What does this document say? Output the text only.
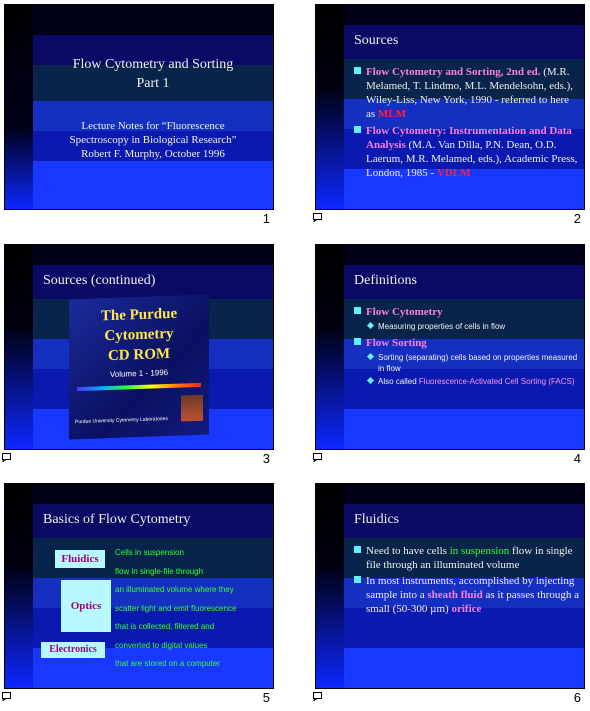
Flow Cytometry and Sorting
Part 1
Lecture Notes for “Fluorescence
Spectroscopy in Biological Research”
Robert F. Murphy, October 1996
1
Sources
Flow Cytometry and Sorting, 2nd ed. (M.R. Melamed, T. Lindmo, M.L. Mendelsohn, eds.), Wiley-Liss, New York, 1990 - referred to here as MLM
Flow Cytometry: Instrumentation and Data Analysis (M.A. Van Dilla, P.N. Dean, O.D. Laerum, M.R. Melamed, eds.), Academic Press, London, 1985 - VDLM
2
Sources (continued)
The Purdue
Cytometry
CD ROM
Volume 1 - 1996
Purdue University Cytometry Laboratories
3
Definitions
Flow Cytometry
Measuring properties of cells in flow
Flow Sorting
Sorting (separating) cells based on properties measured in flow
Also called Fluorescence-Activated Cell Sorting (FACS)
4
Basics of Flow Cytometry
Fluidics
Optics
Electronics
Cells in suspension
flow in single-file through
an illuminated volume where they
scatter light and emit fluorescence
that is collected, filtered and
converted to digital values
that are stored on a computer
5
Fluidics
Need to have cells in suspension flow in single file through an illuminated volume
In most instruments, accomplished by injecting sample into a sheath fluid as it passes through a small (50-300 µm) orifice
6
